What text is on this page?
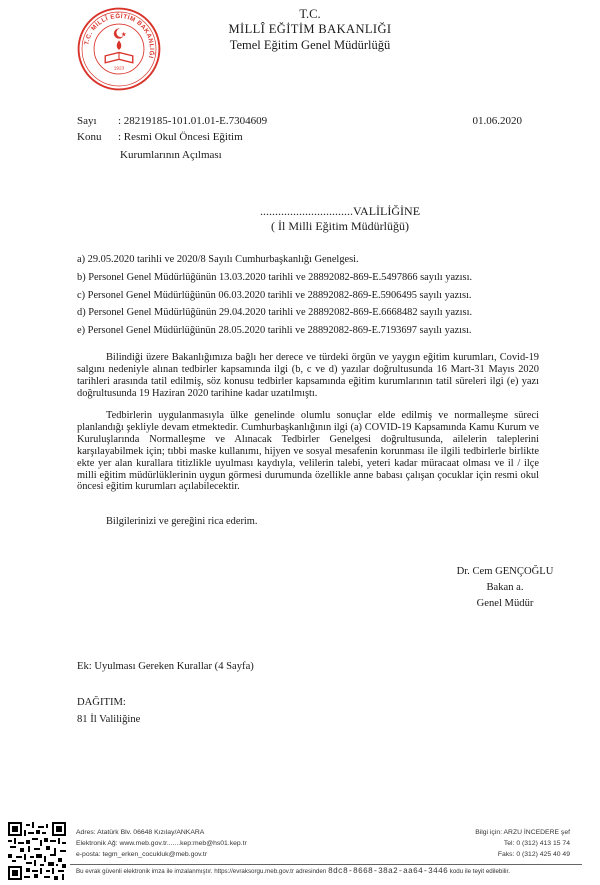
T.C. MİLLÎ EĞİTİM BAKANLIĞI
1923
T.C.
MİLLÎ EĞİTİM BAKANLIĞI
Temel Eğitim Genel Müdürlüğü
Sayı : 28219185-101.01.01-E.7304609	01.06.2020
Konu : Resmi Okul Öncesi Eğitim
Kurumlarının Açılması
...............................VALİLİĞİNE
( İl Milli Eğitim Müdürlüğü)
a) 29.05.2020 tarihli ve 2020/8 Sayılı Cumhurbaşkanlığı Genelgesi.
b) Personel Genel Müdürlüğünün 13.03.2020 tarihli ve 28892082-869-E.5497866 sayılı yazısı.
c) Personel Genel Müdürlüğünün 06.03.2020 tarihli ve 28892082-869-E.5906495 sayılı yazısı.
d) Personel Genel Müdürlüğünün 29.04.2020 tarihli ve 28892082-869-E.6668482 sayılı yazısı.
e) Personel Genel Müdürlüğünün 28.05.2020 tarihli ve 28892082-869-E.7193697 sayılı yazısı.

Bilindiği üzere Bakanlığımıza bağlı her derece ve türdeki örgün ve yaygın eğitim kurumları, Covid-19 salgını nedeniyle alınan tedbirler kapsamında ilgi (b, c ve d) yazılar doğrultusunda 16 Mart-31 Mayıs 2020 tarihleri arasında tatil edilmiş, söz konusu tedbirler kapsamında eğitim kurumlarının tatil süreleri ilgi (e) yazı doğrultusunda 19 Haziran 2020 tarihine kadar uzatılmıştı.

Tedbirlerin uygulanmasıyla ülke genelinde olumlu sonuçlar elde edilmiş ve normalleşme süreci planlandığı şekliyle devam etmektedir. Cumhurbaşkanlığının ilgi (a) COVID-19 Kapsamında Kamu Kurum ve Kuruluşlarında Normalleşme ve Alınacak Tedbirler Genelgesi doğrultusunda, ailelerin taleplerini karşılayabilmek için; tıbbi maske kullanımı, hijyen ve sosyal mesafenin korunması ile ilgili tedbirlerle birlikte ekte yer alan kurallara titizlikle uyulması kaydıyla, velilerin talebi, yeteri kadar müracaat olması ve il / ilçe milli eğitim müdürlüklerinin uygun görmesi durumunda özellikle anne babası çalışan çocuklar için resmi okul öncesi eğitim kurumları açılabilecektir.

Bilgilerinizi ve gereğini rica ederim.

Dr. Cem GENÇOĞLU
Bakan a.
Genel Müdür
Ek: Uyulması Gereken Kurallar (4 Sayfa)
DAĞITIM:
81 İl Valiliğine
Adres: Atatürk Blv. 06648 Kızılay/ANKARA
Elektronik Ağ: www.meb.gov.tr.......kep:meb@hs01.kep.tr
e-posta: tegm_erken_cocukluk@meb.gov.tr
Bilgi için: ARZU İNCEDERE şef
Tel: 0 (312) 413 15 74
Faks: 0 (312) 425 40 49
Bu evrak güvenli elektronik imza ile imzalanmıştır. https://evraksorgu.meb.gov.tr adresinden 8dc8-8668-38a2-aa64-3446 kodu ile teyit edilebilir.
